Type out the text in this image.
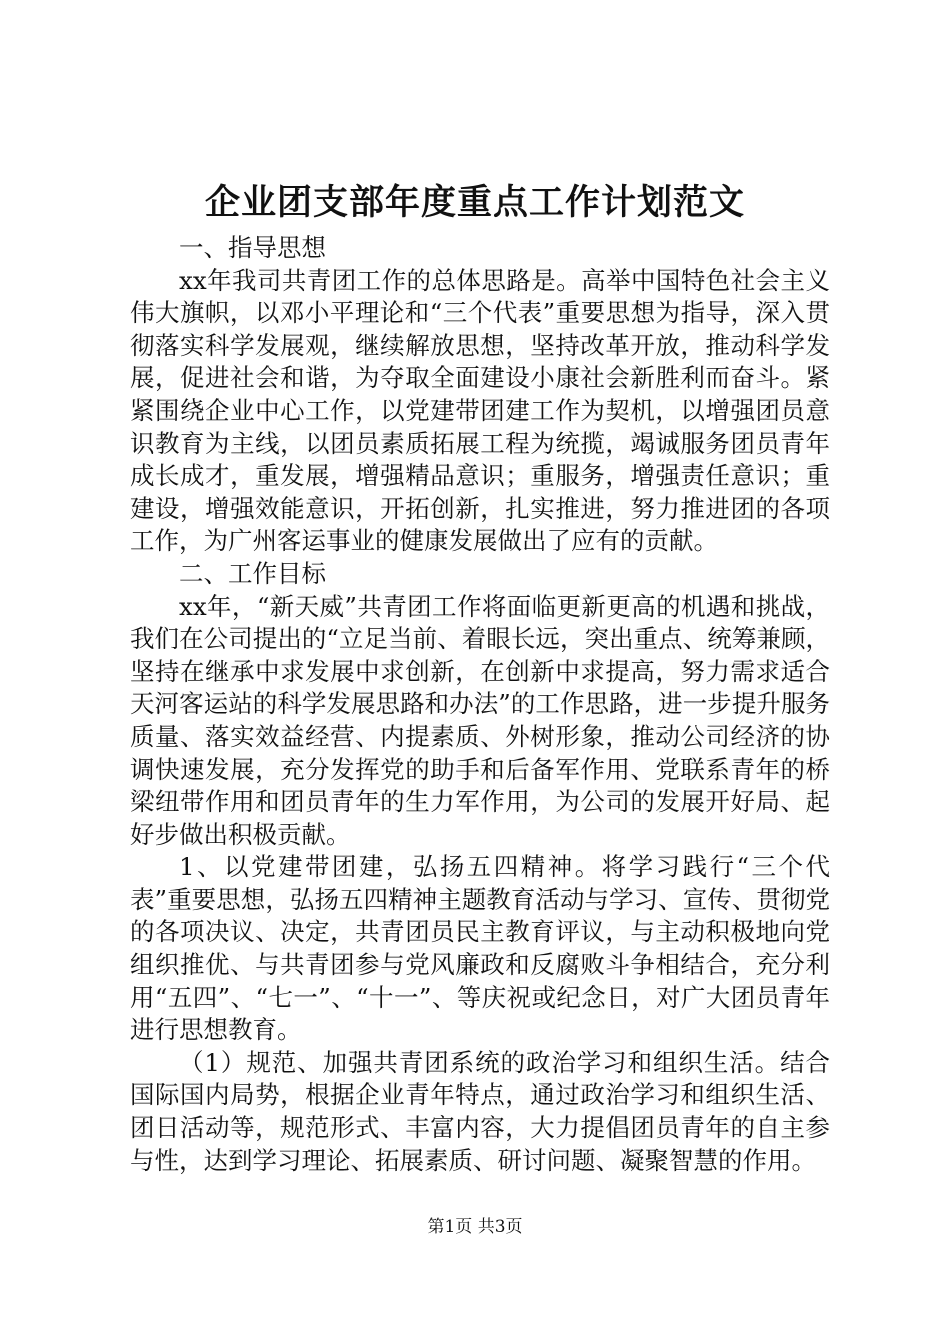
企业团支部年度重点工作计划范文

一、指导思想

xx年我司共青团工作的总体思路是。高举中国特色社会主义伟大旗帜，以邓小平理论和“三个代表”重要思想为指导，深入贯彻落实科学发展观，继续解放思想，坚持改革开放，推动科学发展，促进社会和谐，为夺取全面建设小康社会新胜利而奋斗。紧紧围绕企业中心工作，以党建带团建工作为契机，以增强团员意识教育为主线，以团员素质拓展工程为统揽，竭诚服务团员青年成长成才，重发展，增强精品意识；重服务，增强责任意识；重建设，增强效能意识，开拓创新，扎实推进，努力推进团的各项工作，为广州客运事业的健康发展做出了应有的贡献。

二、工作目标

xx年，“新天威”共青团工作将面临更新更高的机遇和挑战，我们在公司提出的“立足当前、着眼长远，突出重点、统筹兼顾，坚持在继承中求发展中求创新，在创新中求提高，努力需求适合天河客运站的科学发展思路和办法”的工作思路，进一步提升服务质量、落实效益经营、内提素质、外树形象，推动公司经济的协调快速发展，充分发挥党的助手和后备军作用、党联系青年的桥梁纽带作用和团员青年的生力军作用，为公司的发展开好局、起好步做出积极贡献。

1、以党建带团建，弘扬五四精神。将学习践行“三个代表”重要思想，弘扬五四精神主题教育活动与学习、宣传、贯彻党的各项决议、决定，共青团员民主教育评议，与主动积极地向党组织推优、与共青团参与党风廉政和反腐败斗争相结合，充分利用“五四”、“七一”、“十一”、等庆祝或纪念日，对广大团员青年进行思想教育。

（1）规范、加强共青团系统的政治学习和组织生活。结合国际国内局势，根据企业青年特点，通过政治学习和组织生活、团日活动等，规范形式、丰富内容，大力提倡团员青年的自主参与性，达到学习理论、拓展素质、研讨问题、凝聚智慧的作用。

第1页 共3页
